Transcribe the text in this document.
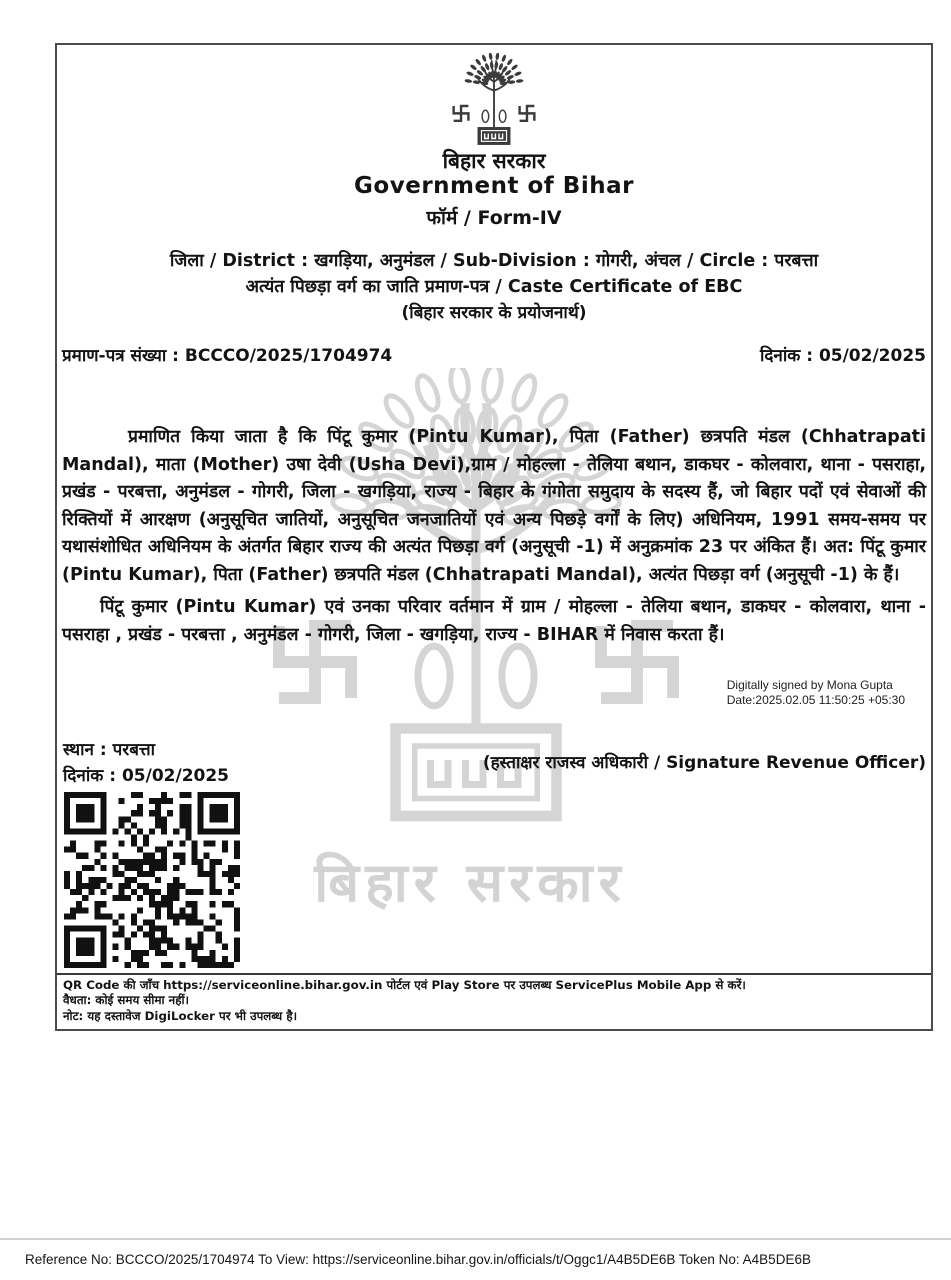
बिहार सरकार
बिहार सरकार
Government of Bihar
फॉर्म / Form-IV
जिला / District : खगड़िया, अनुमंडल / Sub-Division : गोगरी, अंचल / Circle : परबत्ता
अत्यंत पिछड़ा वर्ग का जाति प्रमाण-पत्र / Caste Certificate of EBC
(बिहार सरकार के प्रयोजनार्थ)
प्रमाण-पत्र संख्या : BCCCO/2025/1704974	दिनांक : 05/02/2025
प्रमाणित किया जाता है कि पिंटू कुमार (Pintu Kumar), पिता (Father) छत्रपति मंडल (Chhatrapati Mandal), माता (Mother) उषा देवी (Usha Devi),ग्राम / मोहल्ला - तेलिया बथान, डाकघर - कोलवारा, थाना - पसराहा, प्रखंड - परबत्ता, अनुमंडल - गोगरी, जिला - खगड़िया, राज्य - बिहार के गंगोता समुदाय के सदस्य हैं, जो बिहार पदों एवं सेवाओं की रिक्तियों में आरक्षण (अनुसूचित जातियों, अनुसूचित जनजातियों एवं अन्य पिछड़े वर्गों के लिए) अधिनियम, 1991 समय-समय पर यथासंशोधित अधिनियम के अंतर्गत बिहार राज्य की अत्यंत पिछड़ा वर्ग (अनुसूची -1) में अनुक्रमांक 23 पर अंकित हैं। अत: पिंटू कुमार (Pintu Kumar), पिता (Father) छत्रपति मंडल (Chhatrapati Mandal), अत्यंत पिछड़ा वर्ग (अनुसूची -1) के हैं।
पिंटू कुमार (Pintu Kumar) एवं उनका परिवार वर्तमान में ग्राम / मोहल्ला - तेलिया बथान, डाकघर - कोलवारा, थाना - पसराहा , प्रखंड - परबत्ता , अनुमंडल - गोगरी, जिला - खगड़िया, राज्य - BIHAR में निवास करता हैं।
Digitally signed by Mona Gupta
Date:2025.02.05 11:50:25 +05:30
स्थान : परबत्ता
(हस्ताक्षर राजस्व अधिकारी / Signature Revenue Officer)
दिनांक : 05/02/2025
QR Code की जाँच https://serviceonline.bihar.gov.in पोर्टल एवं Play Store पर उपलब्ध ServicePlus Mobile App से करें।
वैधता: कोई समय सीमा नहीं।
नोट: यह दस्तावेज DigiLocker पर भी उपलब्ध है।
Reference No: BCCCO/2025/1704974 To View: https://serviceonline.bihar.gov.in/officials/t/Oggc1/A4B5DE6B Token No: A4B5DE6B
